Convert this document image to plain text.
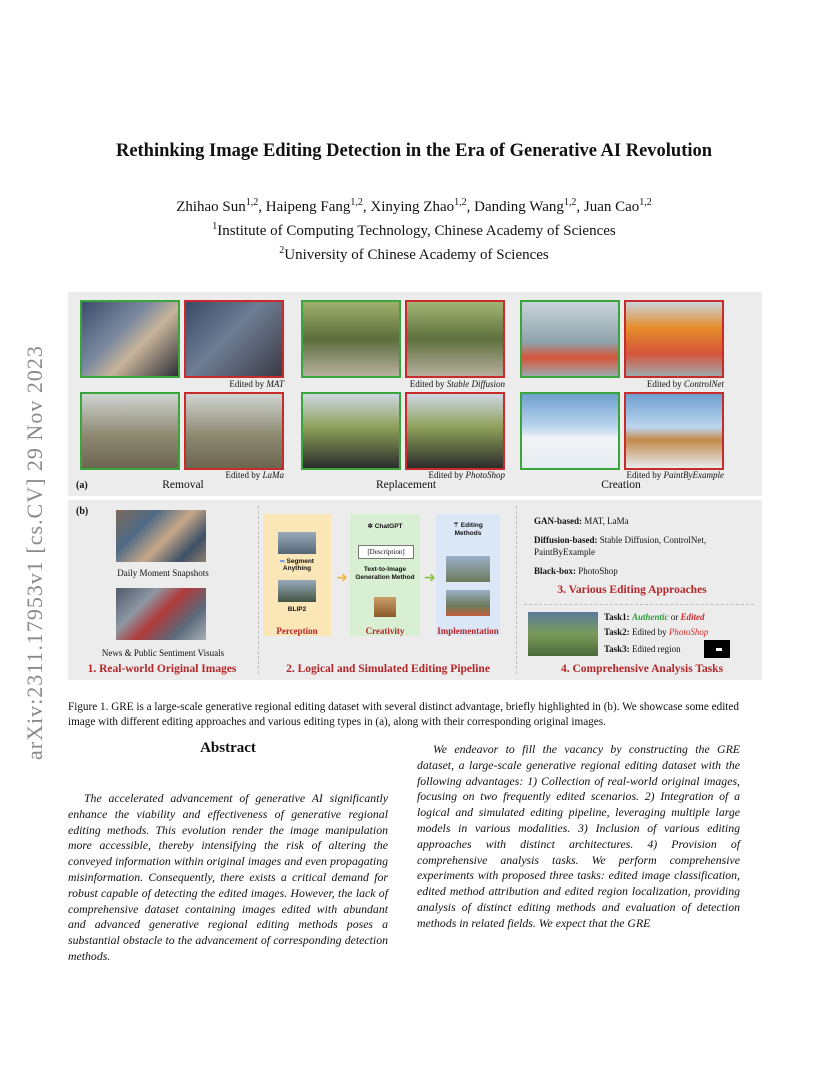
arXiv:2311.17953v1 [cs.CV] 29 Nov 2023
Rethinking Image Editing Detection in the Era of Generative AI Revolution
Zhihao Sun$^{1,2}$, Haipeng Fang$^{1,2}$, Xinying Zhao$^{1,2}$, Danding Wang$^{1,2}$, Juan Cao$^{1,2}$
$^1$Institute of Computing Technology, Chinese Academy of Sciences
$^2$University of Chinese Academy of Sciences
Edited by MAT
Edited by LaMa
Edited by Stable Diffusion
Edited by PhotoShop
Edited by ControlNet
Edited by PaintByExample
(a)	Removal	Replacement	Creation
(b)
Daily Moment Snapshots
News & Public Sentiment Visuals
1. Real-world Original Images
∞ Segment Anything
BLIP2
Perception
➜
✲ ChatGPT
[Description]
Text-to-Image Generation Method
Creativity
➜
⚚ Editing Methods
Implementation
2. Logical and Simulated Editing Pipeline
GAN-based: MAT, LaMa
Diffusion-based: Stable Diffusion, ControlNet, PaintByExample
Black-box: PhotoShop
3. Various Editing Approaches
Task1: Authentic or Edited
Task2: Edited by PhotoShop
Task3: Edited region
4. Comprehensive Analysis Tasks
Figure 1. GRE is a large-scale generative regional editing dataset with several distinct advantage, briefly highlighted in (b). We showcase some edited image with different editing approaches and various editing types in (a), along with their corresponding original images.
Abstract
The accelerated advancement of generative AI significantly enhance the viability and effectiveness of generative regional editing methods. This evolution render the image manipulation more accessible, thereby intensifying the risk of altering the conveyed information within original images and even propagating misinformation. Consequently, there exists a critical demand for robust capable of detecting the edited images. However, the lack of comprehensive dataset containing images edited with abundant and advanced generative regional editing methods poses a substantial obstacle to the advancement of corresponding detection methods.
We endeavor to fill the vacancy by constructing the GRE dataset, a large-scale generative regional editing dataset with the following advantages: 1) Collection of real-world original images, focusing on two frequently edited scenarios. 2) Integration of a logical and simulated editing pipeline, leveraging multiple large models in various modalities. 3) Inclusion of various editing approaches with distinct architectures. 4) Provision of comprehensive analysis tasks. We perform comprehensive experiments with proposed three tasks: edited image classification, edited method attribution and edited region localization, providing analysis of distinct editing methods and evaluation of detection methods in related fields. We expect that the GRE
